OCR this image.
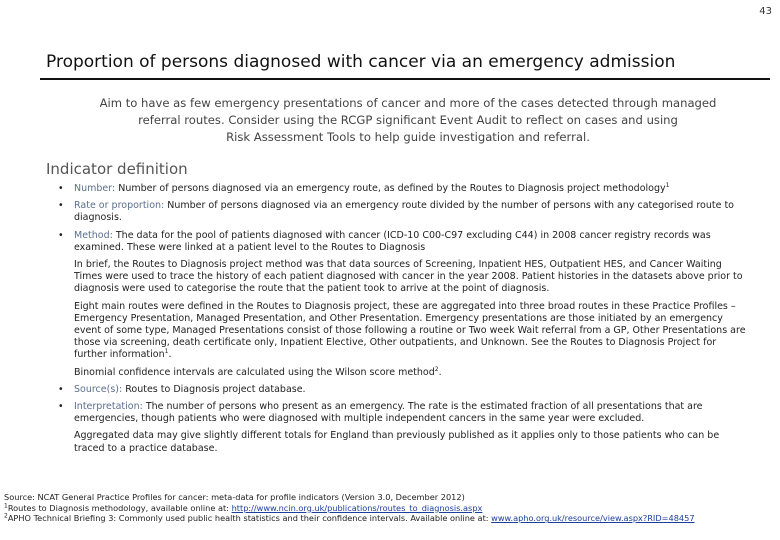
43
Proportion of persons diagnosed with cancer via an emergency admission
Aim to have as few emergency presentations of cancer and more of the cases detected through managed
referral routes. Consider using the RCGP significant Event Audit to reflect on cases and using
Risk Assessment Tools to help guide investigation and referral.
Indicator definition
• Number: Number of persons diagnosed via an emergency route, as defined by the Routes to Diagnosis project methodology$^1$
• Rate or proportion: Number of persons diagnosed via an emergency route divided by the number of persons with any categorised route to diagnosis.
• Method: The data for the pool of patients diagnosed with cancer (ICD-10 C00-C97 excluding C44) in 2008 cancer registry records was examined. These were linked at a patient level to the Routes to Diagnosis
In brief, the Routes to Diagnosis project method was that data sources of Screening, Inpatient HES, Outpatient HES, and Cancer Waiting Times were used to trace the history of each patient diagnosed with cancer in the year 2008. Patient histories in the datasets above prior to diagnosis were used to categorise the route that the patient took to arrive at the point of diagnosis.
Eight main routes were defined in the Routes to Diagnosis project, these are aggregated into three broad routes in these Practice Profiles – Emergency Presentation, Managed Presentation, and Other Presentation. Emergency presentations are those initiated by an emergency event of some type, Managed Presentations consist of those following a routine or Two week Wait referral from a GP, Other Presentations are those via screening, death certificate only, Inpatient Elective, Other outpatients, and Unknown. See the Routes to Diagnosis Project for further information$^1$.
Binomial confidence intervals are calculated using the Wilson score method$^2$.
• Source(s): Routes to Diagnosis project database.
• Interpretation: The number of persons who present as an emergency. The rate is the estimated fraction of all presentations that are emergencies, though patients who were diagnosed with multiple independent cancers in the same year were excluded.
Aggregated data may give slightly different totals for England than previously published as it applies only to those patients who can be traced to a practice database.
Source: NCAT General Practice Profiles for cancer: meta-data for profile indicators (Version 3.0, December 2012)
$^1$Routes to Diagnosis methodology, available online at: http://www.ncin.org.uk/publications/routes_to_diagnosis.aspx
$^2$APHO Technical Briefing 3: Commonly used public health statistics and their confidence intervals. Available online at: www.apho.org.uk/resource/view.aspx?RID=48457
